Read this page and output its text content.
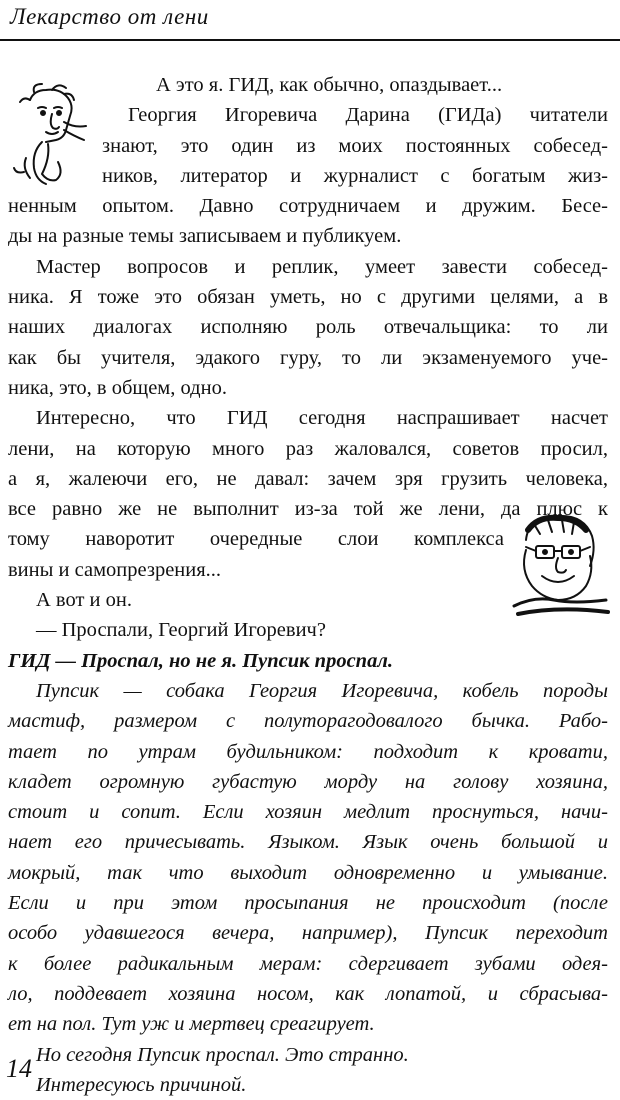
Лекарство от лени
А это я. ГИД, как обычно, опаздывает...
Георгия Игоревича Дарина (ГИДа) читатели
знают, это один из моих постоянных собесед-
ников, литератор и журналист с богатым жиз-
ненным опытом. Давно сотрудничаем и дружим. Бесе-
ды на разные темы записываем и публикуем.
Мастер вопросов и реплик, умеет завести собесед-
ника. Я тоже это обязан уметь, но с другими целями, а в
наших диалогах исполняю роль отвечальщика: то ли
как бы учителя, эдакого гуру, то ли экзаменуемого уче-
ника, это, в общем, одно.
Интересно, что ГИД сегодня наспрашивает насчет
лени, на которую много раз жаловался, советов просил,
а я, жалеючи его, не давал: зачем зря грузить человека,
все равно же не выполнит из-за той же лени, да плюс к
тому наворотит очередные слои комплекса
вины и самопрезрения...
А вот и он.
— Проспали, Георгий Игоревич?
ГИД — Проспал, но не я. Пупсик проспал.
Пупсик — собака Георгия Игоревича, кобель породы
мастиф, размером с полуторагодовалого бычка. Рабо-
тает по утрам будильником: подходит к кровати,
кладет огромную губастую морду на голову хозяина,
стоит и сопит. Если хозяин медлит проснуться, начи-
нает его причесывать. Языком. Язык очень большой и
мокрый, так что выходит одновременно и умывание.
Если и при этом просыпания не происходит (после
особо удавшегося вечера, например), Пупсик переходит
к более радикальным мерам: сдергивает зубами одея-
ло, поддевает хозяина носом, как лопатой, и сбрасыва-
ет на пол. Тут уж и мертвец среагирует.
Но сегодня Пупсик проспал. Это странно.
Интересуюсь причиной.
14
